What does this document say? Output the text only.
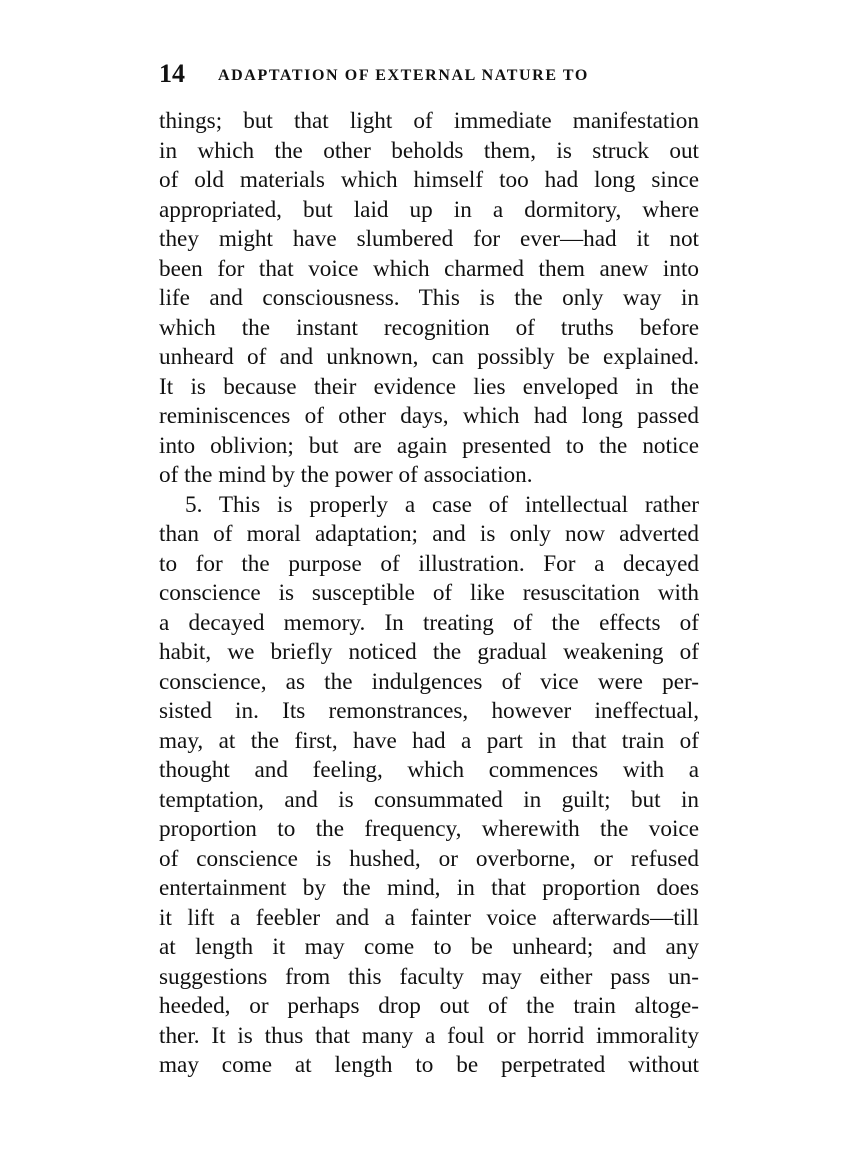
14 ADAPTATION OF EXTERNAL NATURE TO
things; but that light of immediate manifestation
in which the other beholds them, is struck out
of old materials which himself too had long since
appropriated, but laid up in a dormitory, where
they might have slumbered for ever—had it not
been for that voice which charmed them anew into
life and consciousness. This is the only way in
which the instant recognition of truths before
unheard of and unknown, can possibly be explained.
It is because their evidence lies enveloped in the
reminiscences of other days, which had long passed
into oblivion; but are again presented to the notice
of the mind by the power of association.
5. This is properly a case of intellectual rather
than of moral adaptation; and is only now adverted
to for the purpose of illustration. For a decayed
conscience is susceptible of like resuscitation with
a decayed memory. In treating of the effects of
habit, we briefly noticed the gradual weakening of
conscience, as the indulgences of vice were per-
sisted in. Its remonstrances, however ineffectual,
may, at the first, have had a part in that train of
thought and feeling, which commences with a
temptation, and is consummated in guilt; but in
proportion to the frequency, wherewith the voice
of conscience is hushed, or overborne, or refused
entertainment by the mind, in that proportion does
it lift a feebler and a fainter voice afterwards—till
at length it may come to be unheard; and any
suggestions from this faculty may either pass un-
heeded, or perhaps drop out of the train altoge-
ther. It is thus that many a foul or horrid immorality
may come at length to be perpetrated without
